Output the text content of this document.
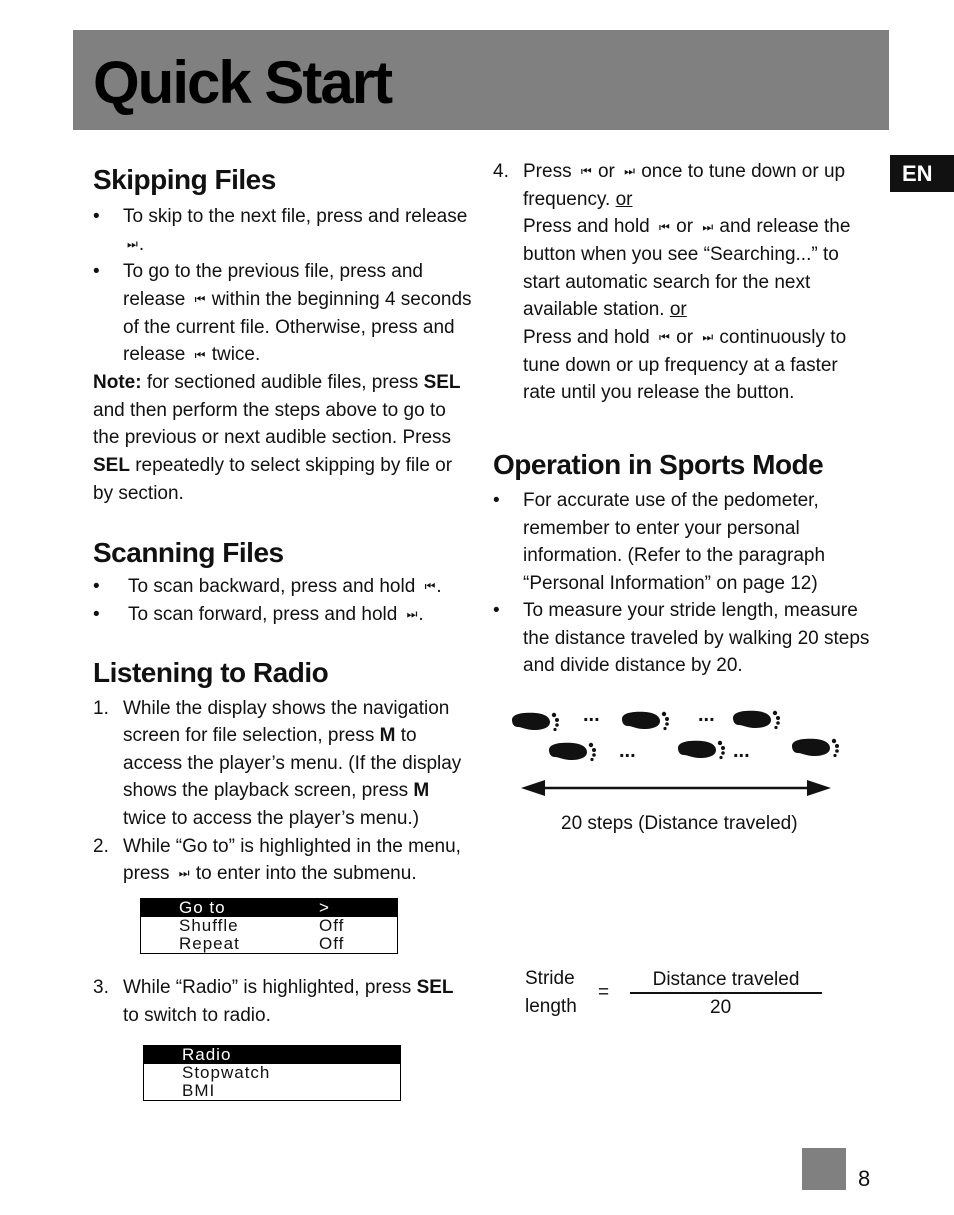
Quick Start
EN
Skipping Files
• To skip to the next file, press and release ⏭ .
• To go to the previous file, press and release ⏮ within the beginning 4 seconds of the current file. Otherwise, press and release ⏮ twice.

Note: for sectioned audible files, press SEL and then perform the steps above to go to the previous or next audible section. Press SEL repeatedly to select skipping by file or by section.

Scanning Files
• To scan backward, press and hold ⏮ .
• To scan forward, press and hold ⏭ .
Listening to Radio
1. While the display shows the navigation screen for file selection, press M to access the player’s menu. (If the display shows the playback screen, press M twice to access the player’s menu.)
2. While “Go to” is highlighted in the menu, press ⏭ to enter into the submenu.
Go to	>
Shuffle	Off
Repeat	Off
3. While “Radio” is highlighted, press SEL to switch to radio.
Radio
Stopwatch
BMI
4. Press ⏮ or ⏭ once to tune down or up frequency. or
Press and hold ⏮ or ⏭ and release the button when you see “Searching...” to start automatic search for the next available station. or
Press and hold ⏮ or ⏭ continuously to tune down or up frequency at a faster rate until you release the button.
Operation in Sports Mode
• For accurate use of the pedometer, remember to enter your personal information. (Refer to the paragraph “Personal Information” on page 12)
• To measure your stride length, measure the distance traveled by walking 20 steps and divide distance by 20.
...	...
...	...
20 steps (Distance traveled)
Stride
length
=
Distance traveled
20
8
